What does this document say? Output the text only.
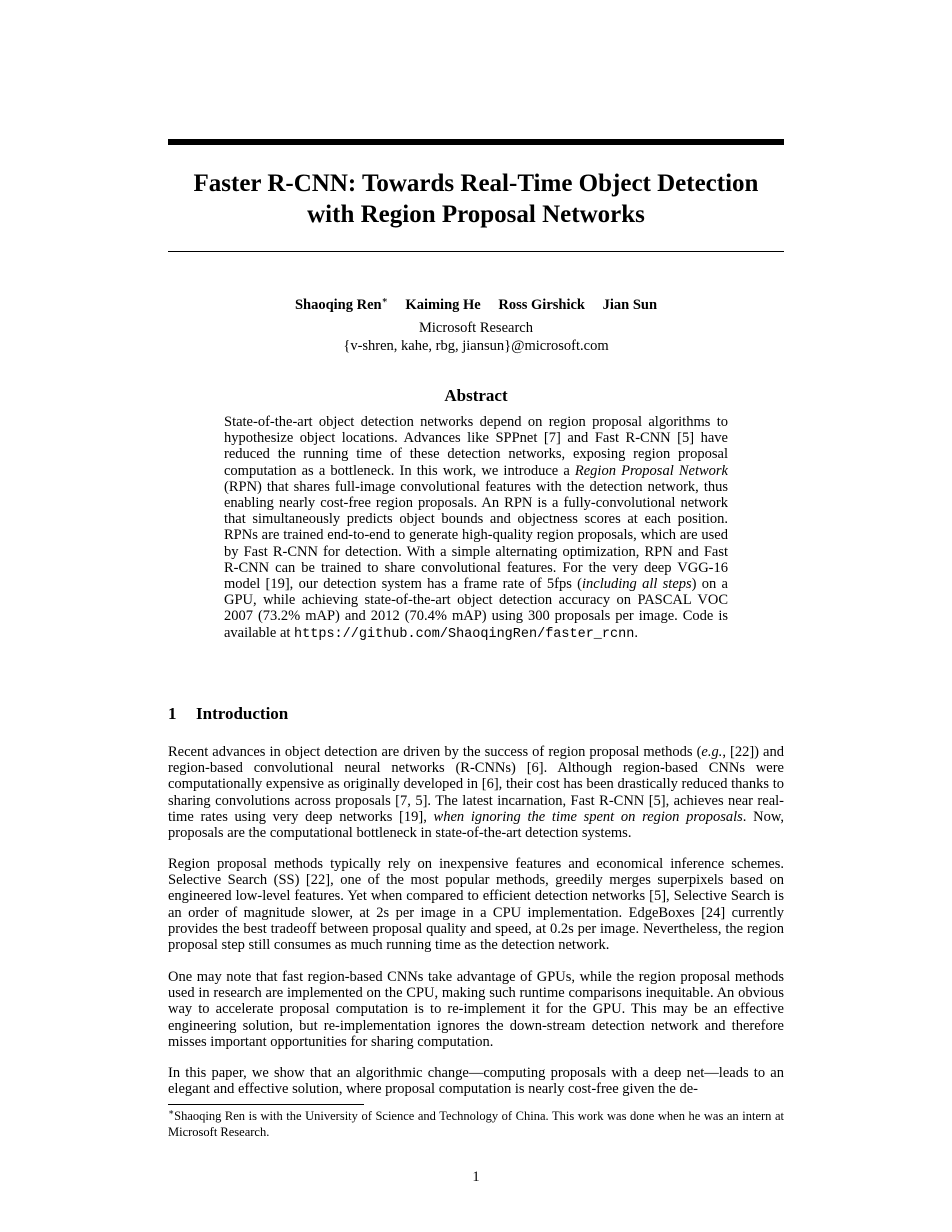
Faster R-CNN: Towards Real-Time Object Detection with Region Proposal Networks
Shaoqing Ren∗ Kaiming He Ross Girshick Jian Sun
Microsoft Research
{v-shren, kahe, rbg, jiansun}@microsoft.com
Abstract

State-of-the-art object detection networks depend on region proposal algorithms to hypothesize object locations. Advances like SPPnet [7] and Fast R-CNN [5] have reduced the running time of these detection networks, exposing region proposal computation as a bottleneck. In this work, we introduce a Region Proposal Network (RPN) that shares full-image convolutional features with the detection network, thus enabling nearly cost-free region proposals. An RPN is a fully-convolutional network that simultaneously predicts object bounds and objectness scores at each position. RPNs are trained end-to-end to generate high-quality region proposals, which are used by Fast R-CNN for detection. With a simple alternating optimization, RPN and Fast R-CNN can be trained to share convolutional features. For the very deep VGG-16 model [19], our detection system has a frame rate of 5fps (including all steps) on a GPU, while achieving state-of-the-art object detection accuracy on PASCAL VOC 2007 (73.2% mAP) and 2012 (70.4% mAP) using 300 proposals per image. Code is available at https://github.com/ShaoqingRen/faster_rcnn.

1 Introduction

Recent advances in object detection are driven by the success of region proposal methods (e.g., [22]) and region-based convolutional neural networks (R-CNNs) [6]. Although region-based CNNs were computationally expensive as originally developed in [6], their cost has been drastically reduced thanks to sharing convolutions across proposals [7, 5]. The latest incarnation, Fast R-CNN [5], achieves near real-time rates using very deep networks [19], when ignoring the time spent on region proposals. Now, proposals are the computational bottleneck in state-of-the-art detection systems.

Region proposal methods typically rely on inexpensive features and economical inference schemes. Selective Search (SS) [22], one of the most popular methods, greedily merges superpixels based on engineered low-level features. Yet when compared to efficient detection networks [5], Selective Search is an order of magnitude slower, at 2s per image in a CPU implementation. EdgeBoxes [24] currently provides the best tradeoff between proposal quality and speed, at 0.2s per image. Nevertheless, the region proposal step still consumes as much running time as the detection network.

One may note that fast region-based CNNs take advantage of GPUs, while the region proposal methods used in research are implemented on the CPU, making such runtime comparisons inequitable. An obvious way to accelerate proposal computation is to re-implement it for the GPU. This may be an effective engineering solution, but re-implementation ignores the down-stream detection network and therefore misses important opportunities for sharing computation.

In this paper, we show that an algorithmic change—computing proposals with a deep net—leads to an elegant and effective solution, where proposal computation is nearly cost-free given the de-

∗Shaoqing Ren is with the University of Science and Technology of China. This work was done when he was an intern at Microsoft Research.

1
